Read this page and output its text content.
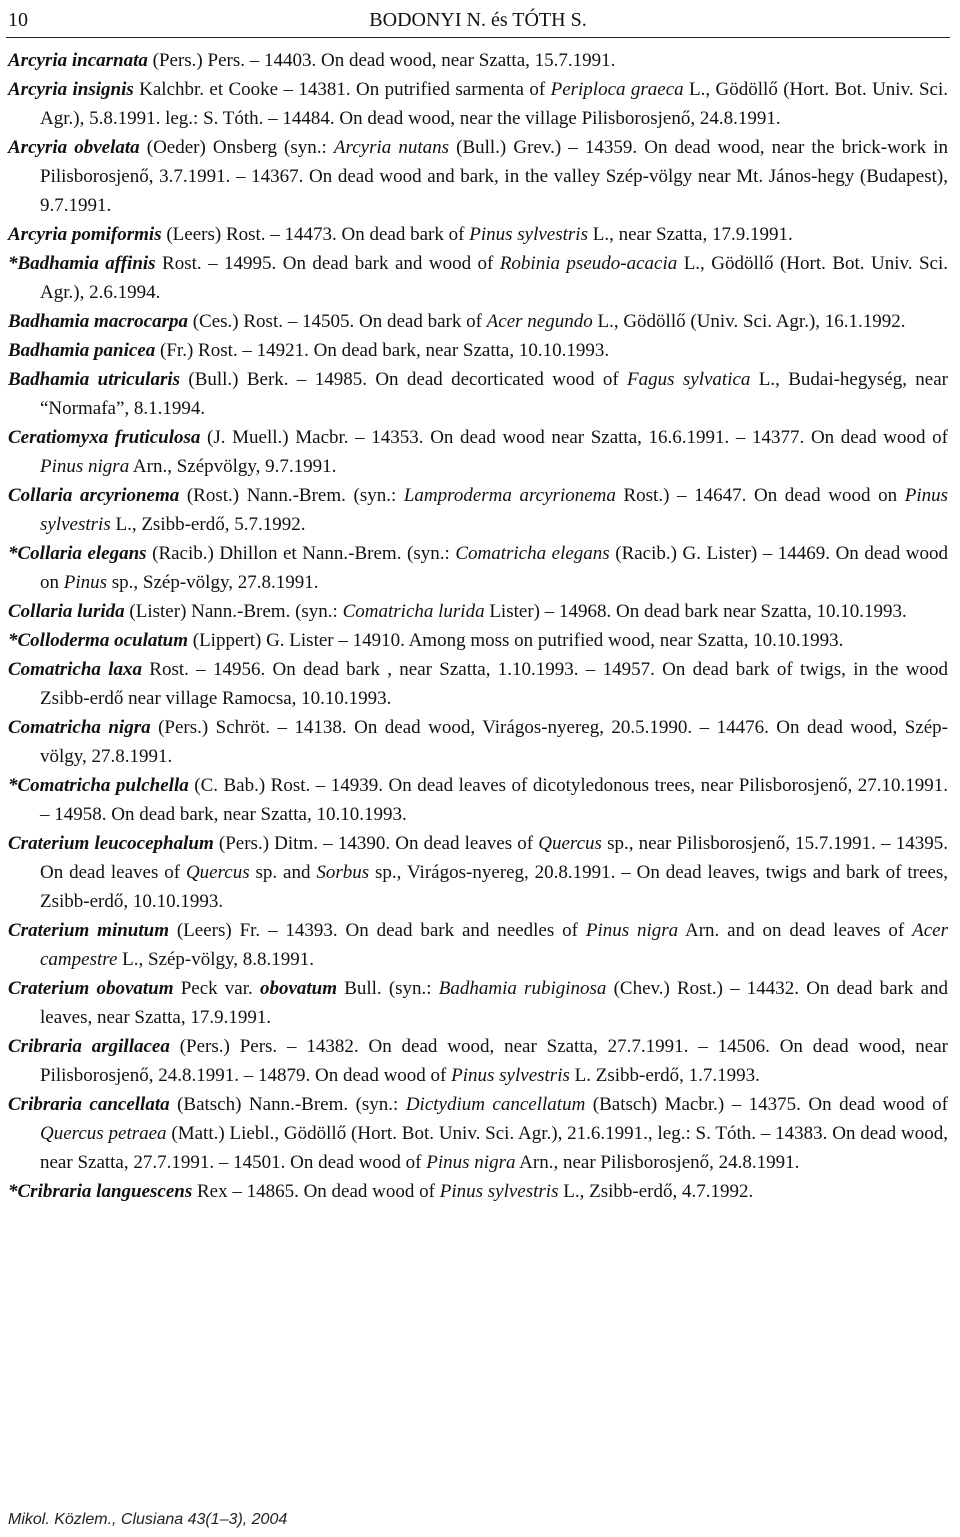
10	BODONYI N. és TÓTH S.

Arcyria incarnata (Pers.) Pers. – 14403. On dead wood, near Szatta, 15.7.1991.

Arcyria insignis Kalchbr. et Cooke – 14381. On putrified sarmenta of Periploca graeca L., Gödöllő (Hort. Bot. Univ. Sci. Agr.), 5.8.1991. leg.: S. Tóth. – 14484. On dead wood, near the village Pilisborosjenő, 24.8.1991.

Arcyria obvelata (Oeder) Onsberg (syn.: Arcyria nutans (Bull.) Grev.) – 14359. On dead wood, near the brick-work in Pilisborosjenő, 3.7.1991. – 14367. On dead wood and bark, in the valley Szép-völgy near Mt. János-hegy (Budapest), 9.7.1991.

Arcyria pomiformis (Leers) Rost. – 14473. On dead bark of Pinus sylvestris L., near Szatta, 17.9.1991.

*Badhamia affinis Rost. – 14995. On dead bark and wood of Robinia pseudo-acacia L., Gödöllő (Hort. Bot. Univ. Sci. Agr.), 2.6.1994.

Badhamia macrocarpa (Ces.) Rost. – 14505. On dead bark of Acer negundo L., Gödöllő (Univ. Sci. Agr.), 16.1.1992.

Badhamia panicea (Fr.) Rost. – 14921. On dead bark, near Szatta, 10.10.1993.

Badhamia utricularis (Bull.) Berk. – 14985. On dead decorticated wood of Fagus sylvatica L., Budai-hegység, near “Normafa”, 8.1.1994.

Ceratiomyxa fruticulosa (J. Muell.) Macbr. – 14353. On dead wood near Szatta, 16.6.1991. – 14377. On dead wood of Pinus nigra Arn., Szépvölgy, 9.7.1991.

Collaria arcyrionema (Rost.) Nann.-Brem. (syn.: Lamproderma arcyrionema Rost.) – 14647. On dead wood on Pinus sylvestris L., Zsibb-erdő, 5.7.1992.

*Collaria elegans (Racib.) Dhillon et Nann.-Brem. (syn.: Comatricha elegans (Racib.) G. Lister) – 14469. On dead wood on Pinus sp., Szép-völgy, 27.8.1991.

Collaria lurida (Lister) Nann.-Brem. (syn.: Comatricha lurida Lister) – 14968. On dead bark near Szatta, 10.10.1993.

*Colloderma oculatum (Lippert) G. Lister – 14910. Among moss on putrified wood, near Szatta, 10.10.1993.

Comatricha laxa Rost. – 14956. On dead bark , near Szatta, 1.10.1993. – 14957. On dead bark of twigs, in the wood Zsibb-erdő near village Ramocsa, 10.10.1993.

Comatricha nigra (Pers.) Schröt. – 14138. On dead wood, Virágos-nyereg, 20.5.1990. – 14476. On dead wood, Szép-völgy, 27.8.1991.

*Comatricha pulchella (C. Bab.) Rost. – 14939. On dead leaves of dicotyledonous trees, near Pilisborosjenő, 27.10.1991. – 14958. On dead bark, near Szatta, 10.10.1993.

Craterium leucocephalum (Pers.) Ditm. – 14390. On dead leaves of Quercus sp., near Pilisborosjenő, 15.7.1991. – 14395. On dead leaves of Quercus sp. and Sorbus sp., Virágos-nyereg, 20.8.1991. – On dead leaves, twigs and bark of trees, Zsibb-erdő, 10.10.1993.

Craterium minutum (Leers) Fr. – 14393. On dead bark and needles of Pinus nigra Arn. and on dead leaves of Acer campestre L., Szép-völgy, 8.8.1991.

Craterium obovatum Peck var. obovatum Bull. (syn.: Badhamia rubiginosa (Chev.) Rost.) – 14432. On dead bark and leaves, near Szatta, 17.9.1991.

Cribraria argillacea (Pers.) Pers. – 14382. On dead wood, near Szatta, 27.7.1991. – 14506. On dead wood, near Pilisborosjenő, 24.8.1991. – 14879. On dead wood of Pinus sylvestris L. Zsibb-erdő, 1.7.1993.

Cribraria cancellata (Batsch) Nann.-Brem. (syn.: Dictydium cancellatum (Batsch) Macbr.) – 14375. On dead wood of Quercus petraea (Matt.) Liebl., Gödöllő (Hort. Bot. Univ. Sci. Agr.), 21.6.1991., leg.: S. Tóth. – 14383. On dead wood, near Szatta, 27.7.1991. – 14501. On dead wood of Pinus nigra Arn., near Pilisborosjenő, 24.8.1991.

*Cribraria languescens Rex – 14865. On dead wood of Pinus sylvestris L., Zsibb-erdő, 4.7.1992.

Mikol. Közlem., Clusiana 43(1–3), 2004
